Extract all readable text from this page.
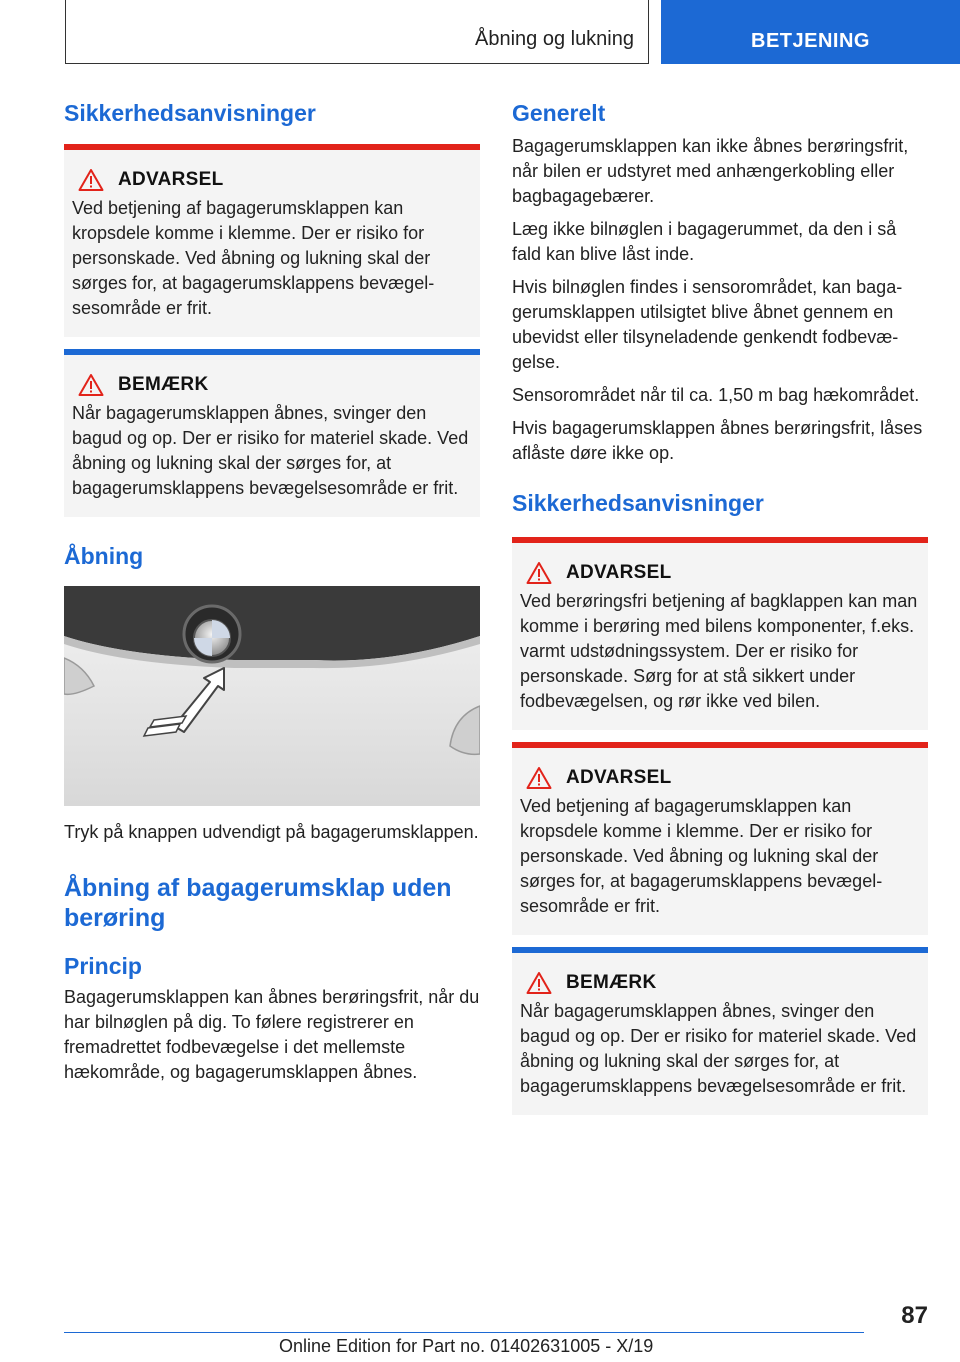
Åbning og lukning	BETJENING
Sikkerhedsanvisninger
ADVARSEL

Ved betjening af bagagerumsklappen kan kropsdele komme i klemme. Der er risiko for personskade. Ved åbning og lukning skal der sørges for, at bagagerumsklappens bevægelsesområde er frit.

BEMÆRK

Når bagagerumsklappen åbnes, svinger den bagud og op. Der er risiko for materiel skade. Ved åbning og lukning skal der sørges for, at bagagerumsklappens bevægelsesområde er frit.

Åbning

Tryk på knappen udvendigt på bagagerumsklappen.

Åbning af bagagerumsklap uden berøring
Princip

Bagagerumsklappen kan åbnes berøringsfrit, når du har bilnøglen på dig. To følere registrerer en fremadrettet fodbevægelse i det mellemste hækområde, og bagagerumsklappen åbnes.

Generelt

Bagagerumsklappen kan ikke åbnes berøringsfrit, når bilen er udstyret med anhængerkobling eller bagbagagebærer.

Læg ikke bilnøglen i bagagerummet, da den i så fald kan blive låst inde.

Hvis bilnøglen findes i sensorområdet, kan bagagerumsklappen utilsigtet blive åbnet gennem en ubevidst eller tilsyneladende genkendt fodbevægelse.

Sensorområdet når til ca. 1,50 m bag hækområdet.

Hvis bagagerumsklappen åbnes berøringsfrit, låses aflåste døre ikke op.

Sikkerhedsanvisninger
ADVARSEL

Ved berøringsfri betjening af bagklappen kan man komme i berøring med bilens komponenter, f.eks. varmt udstødningssystem. Der er risiko for personskade. Sørg for at stå sikkert under fodbevægelsen, og rør ikke ved bilen.

ADVARSEL

Ved betjening af bagagerumsklappen kan kropsdele komme i klemme. Der er risiko for personskade. Ved åbning og lukning skal der sørges for, at bagagerumsklappens bevægelsesområde er frit.

BEMÆRK

Når bagagerumsklappen åbnes, svinger den bagud og op. Der er risiko for materiel skade. Ved åbning og lukning skal der sørges for, at bagagerumsklappens bevægelsesområde er frit.

87
Online Edition for Part no. 01402631005 - X/19
